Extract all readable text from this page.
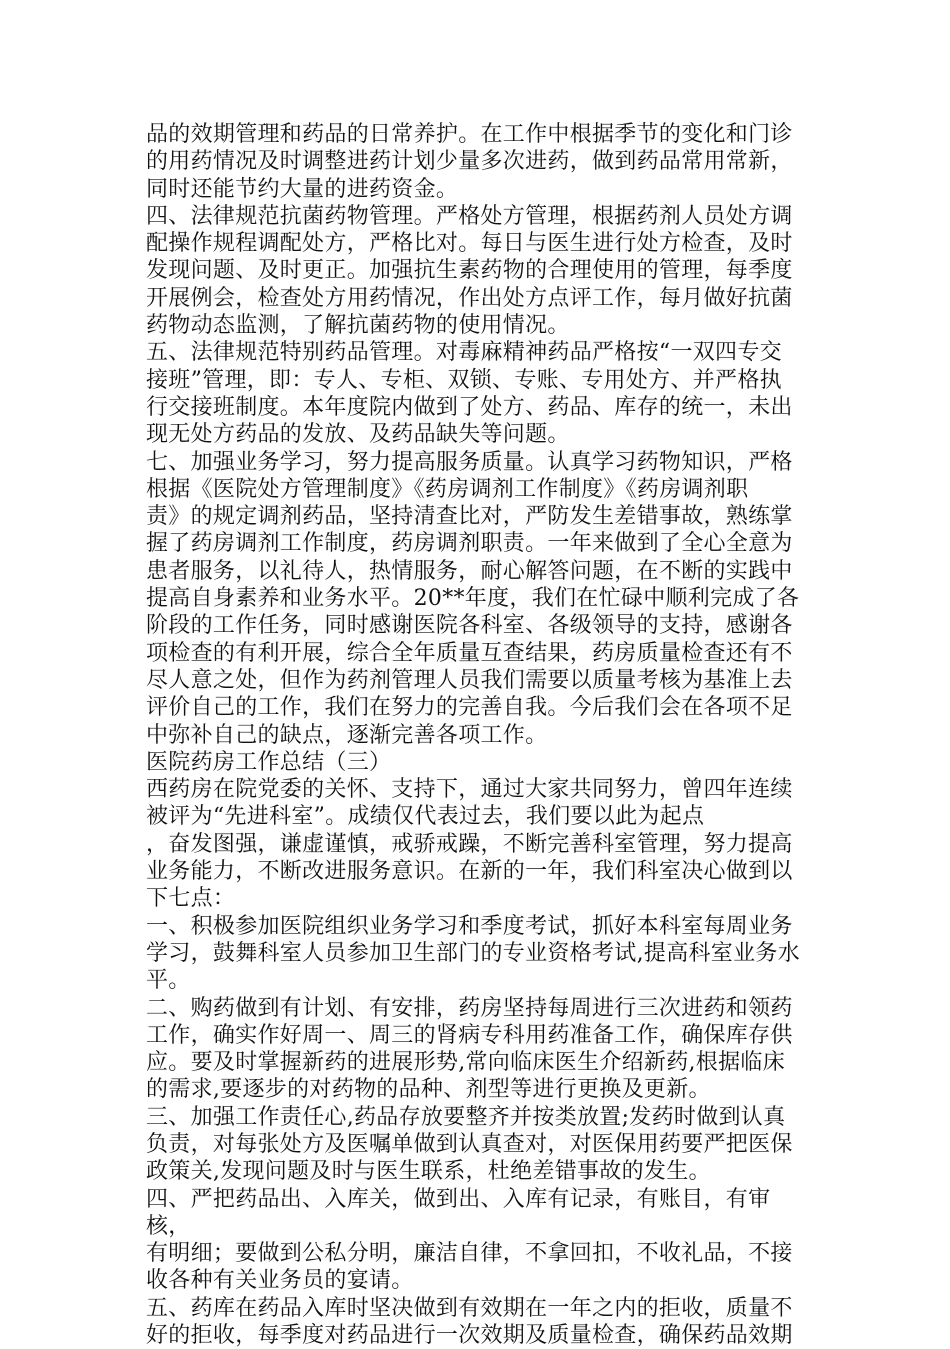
品的效期管理和药品的日常养护。在工作中根据季节的变化和门诊
的用药情况及时调整进药计划少量多次进药，做到药品常用常新，
同时还能节约大量的进药资金。

四、法律规范抗菌药物管理。严格处方管理，根据药剂人员处方调
配操作规程调配处方，严格比对。每日与医生进行处方检查，及时
发现问题、及时更正。加强抗生素药物的合理使用的管理，每季度
开展例会，检查处方用药情况，作出处方点评工作，每月做好抗菌
药物动态监测，了解抗菌药物的使用情况。

五、法律规范特别药品管理。对毒麻精神药品严格按“一双四专交
接班”管理，即：专人、专柜、双锁、专账、专用处方、并严格执
行交接班制度。本年度院内做到了处方、药品、库存的统一，未出
现无处方药品的发放、及药品缺失等问题。

七、加强业务学习，努力提高服务质量。认真学习药物知识，严格
根据《医院处方管理制度》《药房调剂工作制度》《药房调剂职
责》的规定调剂药品，坚持清查比对，严防发生差错事故，熟练掌
握了药房调剂工作制度，药房调剂职责。一年来做到了全心全意为
患者服务，以礼待人，热情服务，耐心解答问题，在不断的实践中
提高自身素养和业务水平。20**年度，我们在忙碌中顺利完成了各
阶段的工作任务，同时感谢医院各科室、各级领导的支持，感谢各
项检查的有利开展，综合全年质量互查结果，药房质量检查还有不
尽人意之处，但作为药剂管理人员我们需要以质量考核为基准上去
评价自己的工作，我们在努力的完善自我。今后我们会在各项不足
中弥补自己的缺点，逐渐完善各项工作。

医院药房工作总结（三）

西药房在院党委的关怀、支持下，通过大家共同努力，曾四年连续
被评为“先进科室”。成绩仅代表过去，我们要以此为起点
，奋发图强，谦虚谨慎，戒骄戒躁，不断完善科室管理，努力提高
业务能力，不断改进服务意识。在新的一年，我们科室决心做到以
下七点：

一、积极参加医院组织业务学习和季度考试，抓好本科室每周业务
学习，鼓舞科室人员参加卫生部门的专业资格考试,提高科室业务水
平。

二、购药做到有计划、有安排，药房坚持每周进行三次进药和领药
工作，确实作好周一、周三的肾病专科用药准备工作，确保库存供
应。要及时掌握新药的进展形势,常向临床医生介绍新药,根据临床
的需求,要逐步的对药物的品种、剂型等进行更换及更新。

三、加强工作责任心,药品存放要整齐并按类放置;发药时做到认真
负责，对每张处方及医嘱单做到认真查对，对医保用药要严把医保
政策关,发现问题及时与医生联系，杜绝差错事故的发生。

四、严把药品出、入库关，做到出、入库有记录，有账目，有审核，
有明细；要做到公私分明，廉洁自律，不拿回扣，不收礼品，不接
收各种有关业务员的宴请。

五、药库在药品入库时坚决做到有效期在一年之内的拒收，质量不
好的拒收，每季度对药品进行一次效期及质量检查，确保药品效期
